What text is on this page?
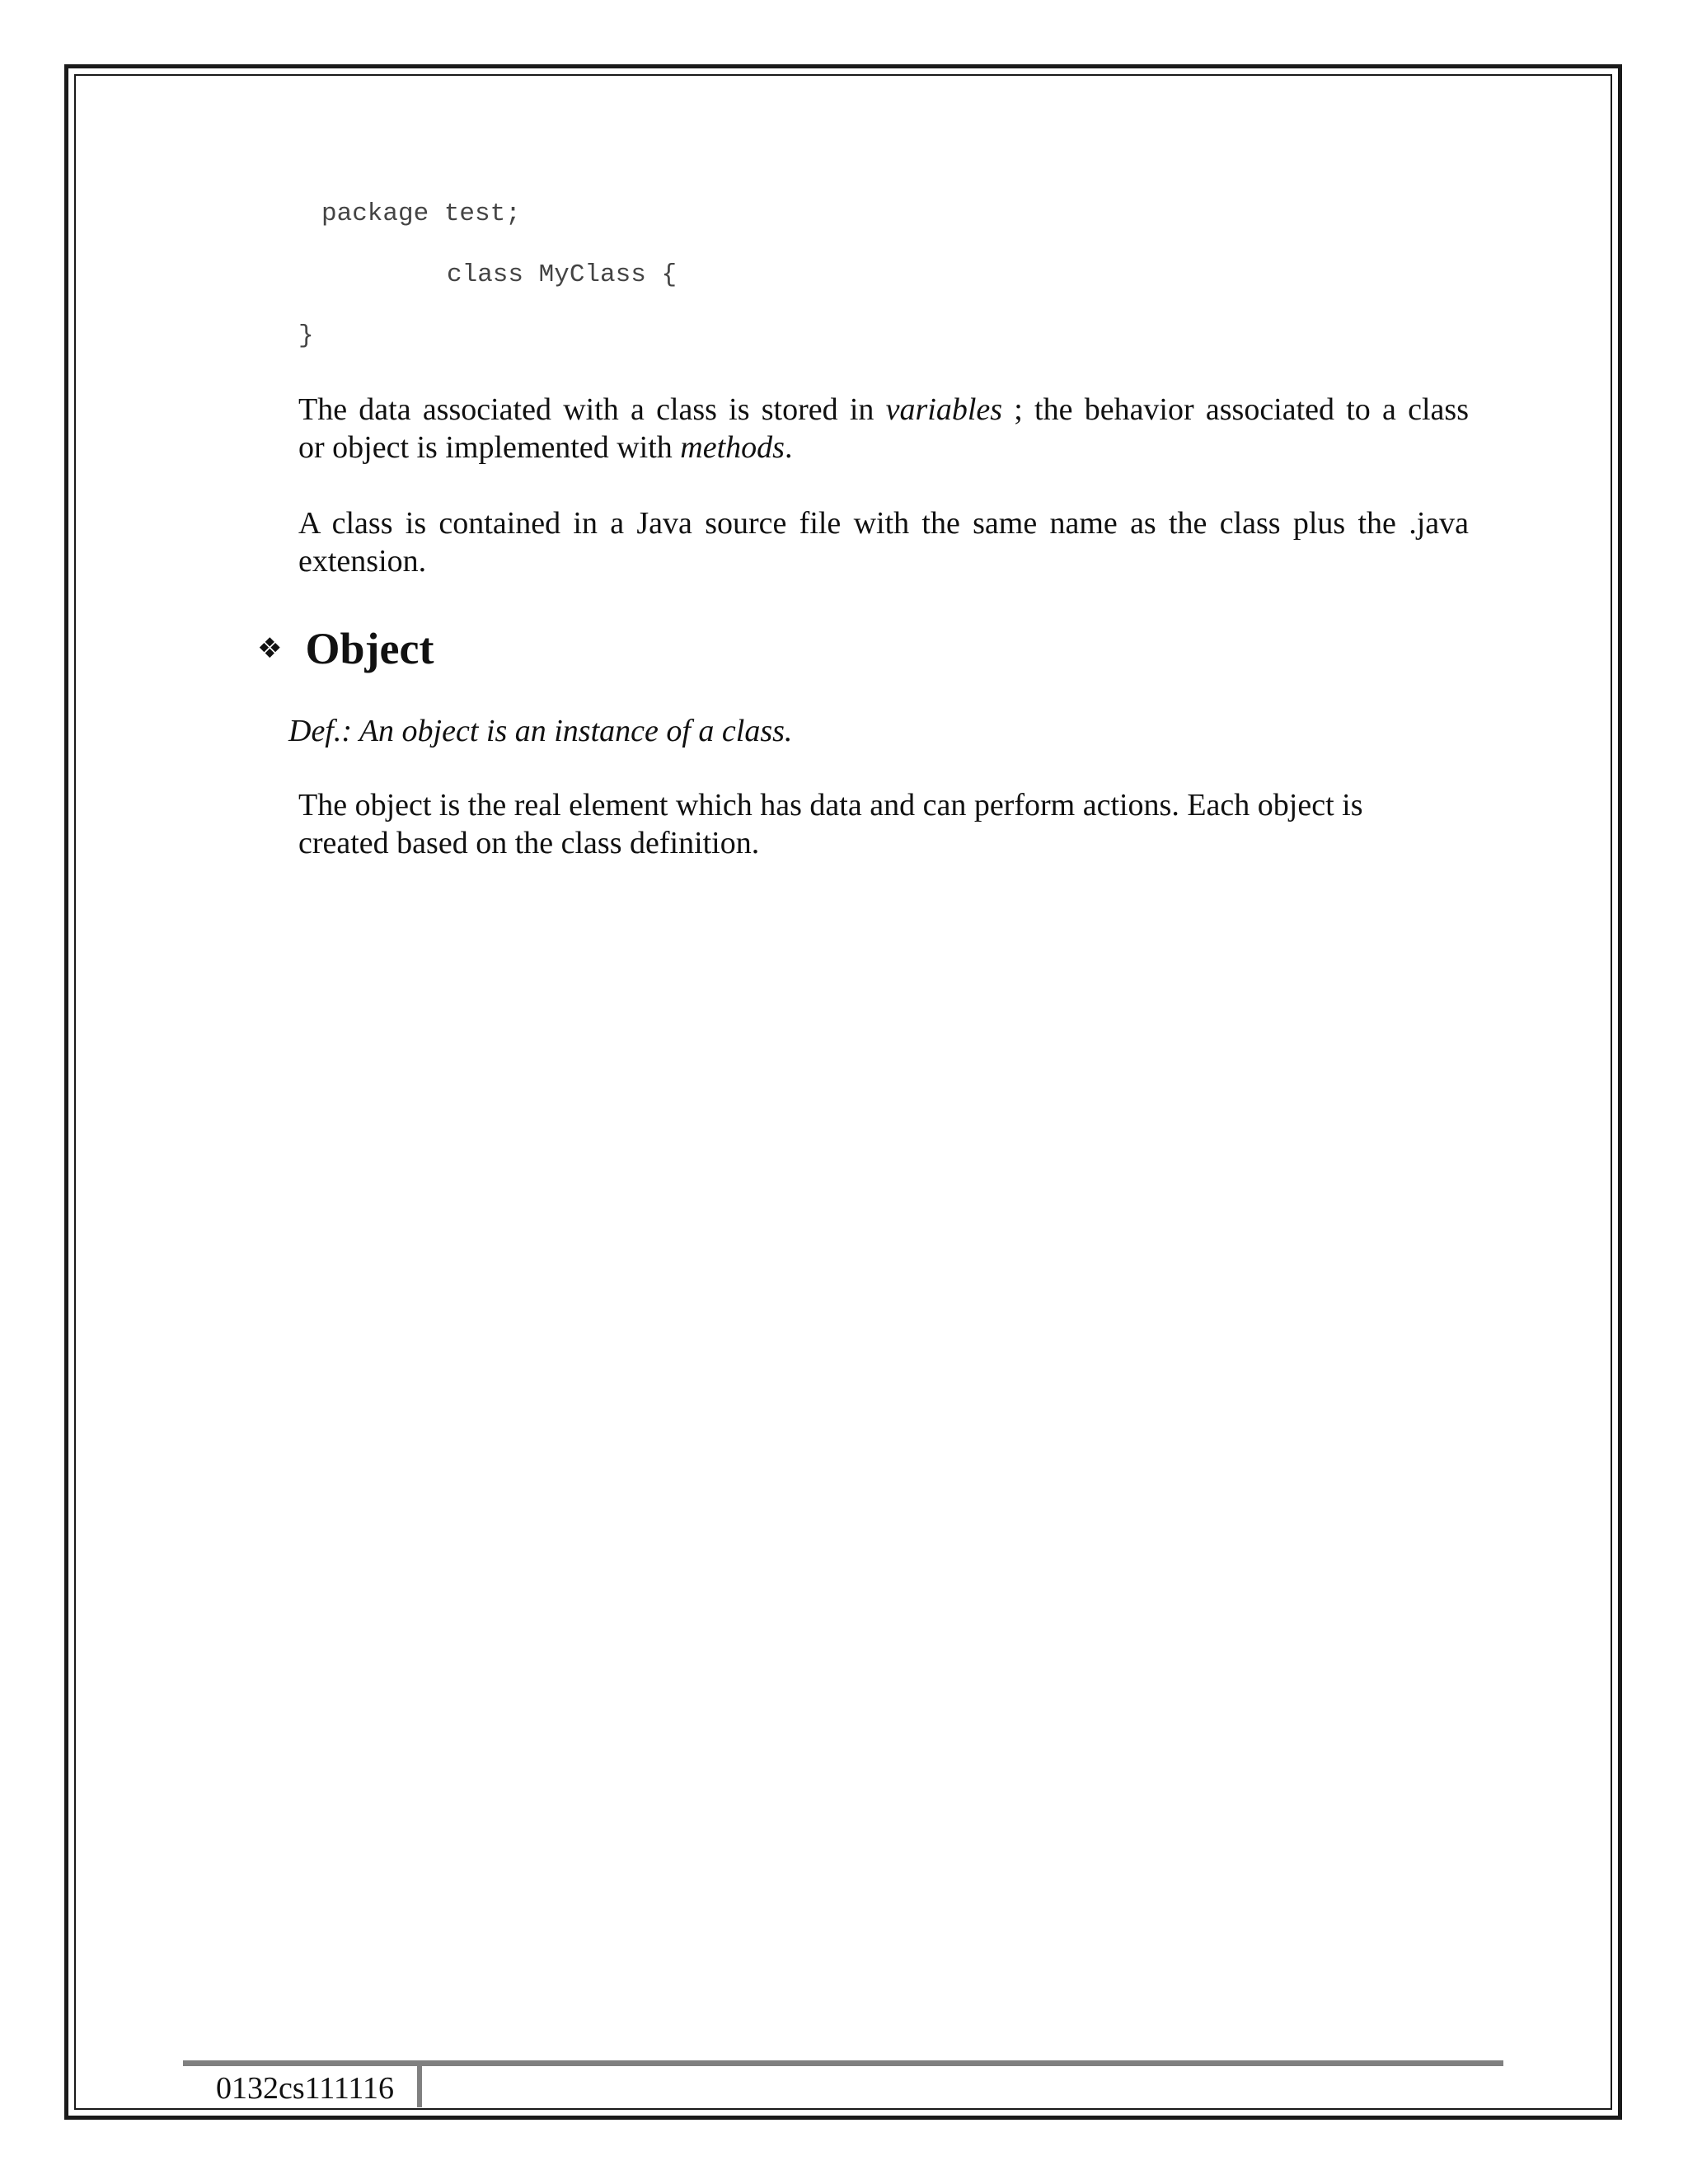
package test;
class MyClass {
}
The data associated with a class is stored in variables ; the behavior associated to a class
or object is implemented with methods.
A class is contained in a Java source file with the same name as the class plus the .java
extension.
❖ Object
Def.: An object is an instance of a class.
The object is the real element which has data and can perform actions. Each object is
created based on the class definition.
0132cs111116
